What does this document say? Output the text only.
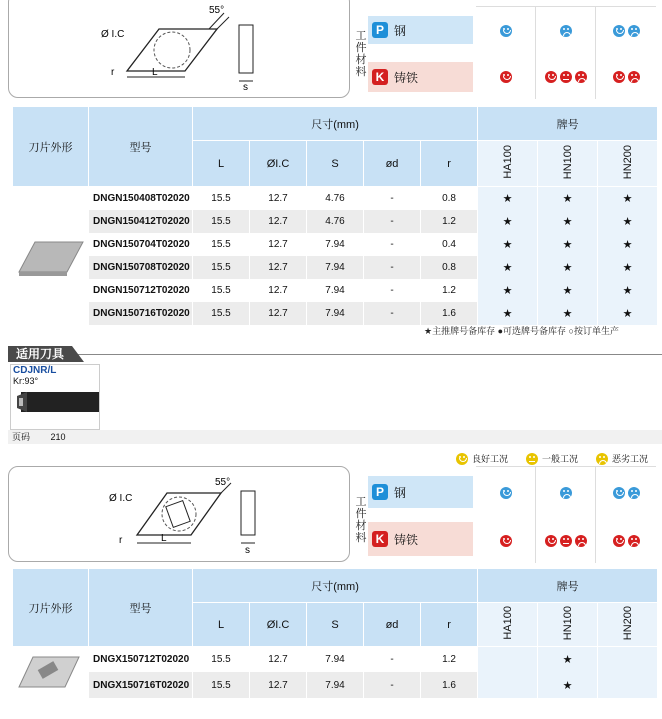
55°
Ø I.C
r	L
s
工
件
材
料
P 钢
K 铸铁
刀片外形	型号	尺寸(mm)					牌号		
		L	ØI.C	S	ød	r	HA100	HN100	HN200
	DNGN150408T02020	15.5	12.7	4.76	-	0.8	★	★	★
	DNGN150412T02020	15.5	12.7	4.76	-	1.2	★	★	★
	DNGN150704T02020	15.5	12.7	7.94	-	0.4	★	★	★
	DNGN150708T02020	15.5	12.7	7.94	-	0.8	★	★	★
	DNGN150712T02020	15.5	12.7	7.94	-	1.2	★	★	★
	DNGN150716T02020	15.5	12.7	7.94	-	1.6	★	★	★
★主推牌号备库存 ●可选牌号备库存 ○按订单生产
适用刀具
CDJNR/L
Kr:93°
页码 210
良好工况	一般工况	恶劣工况
55°
Ø I.C
r	L
s
工
件
材
料
P 钢
K 铸铁
刀片外形	型号	尺寸(mm)					牌号		
		L	ØI.C	S	ød	r	HA100	HN100	HN200
	DNGX150712T02020	15.5	12.7	7.94	-	1.2		★	
	DNGX150716T02020	15.5	12.7	7.94	-	1.6		★	
